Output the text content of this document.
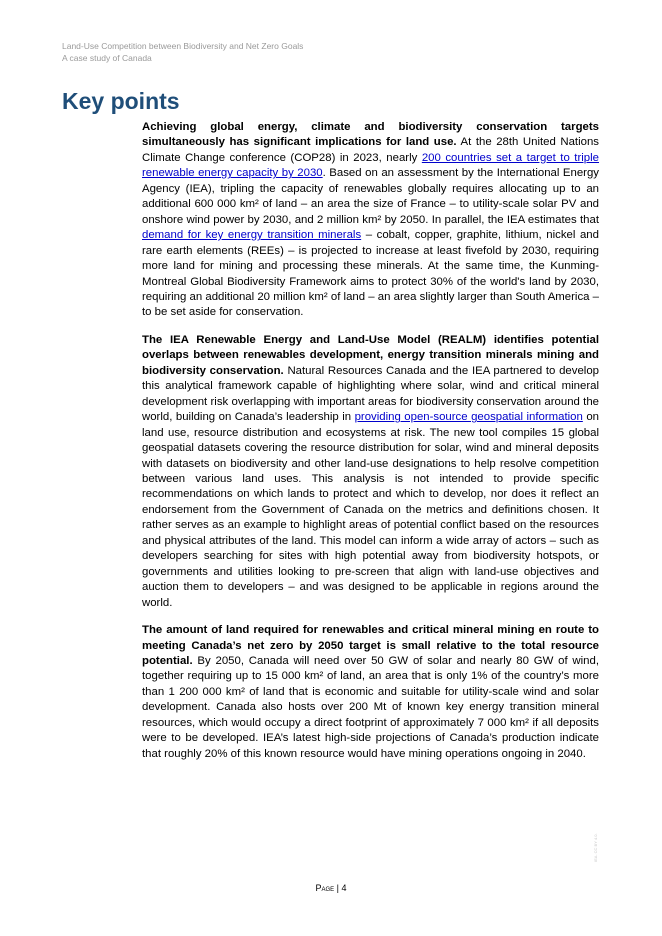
Land-Use Competition between Biodiversity and Net Zero Goals
A case study of Canada
Key points

Achieving global energy, climate and biodiversity conservation targets simultaneously has significant implications for land use. At the 28th United Nations Climate Change conference (COP28) in 2023, nearly 200 countries set a target to triple renewable energy capacity by 2030. Based on an assessment by the International Energy Agency (IEA), tripling the capacity of renewables globally requires allocating up to an additional 600 000 km² of land – an area the size of France – to utility-scale solar PV and onshore wind power by 2030, and 2 million km² by 2050. In parallel, the IEA estimates that demand for key energy transition minerals – cobalt, copper, graphite, lithium, nickel and rare earth elements (REEs) – is projected to increase at least fivefold by 2030, requiring more land for mining and processing these minerals. At the same time, the Kunming-Montreal Global Biodiversity Framework aims to protect 30% of the world's land by 2030, requiring an additional 20 million km² of land – an area slightly larger than South America – to be set aside for conservation.

The IEA Renewable Energy and Land-Use Model (REALM) identifies potential overlaps between renewables development, energy transition minerals mining and biodiversity conservation. Natural Resources Canada and the IEA partnered to develop this analytical framework capable of highlighting where solar, wind and critical mineral development risk overlapping with important areas for biodiversity conservation around the world, building on Canada’s leadership in providing open-source geospatial information on land use, resource distribution and ecosystems at risk. The new tool compiles 15 global geospatial datasets covering the resource distribution for solar, wind and mineral deposits with datasets on biodiversity and other land-use designations to help resolve competition between various land uses. This analysis is not intended to provide specific recommendations on which lands to protect and which to develop, nor does it reflect an endorsement from the Government of Canada on the metrics and definitions chosen. It rather serves as an example to highlight areas of potential conflict based on the resources and physical attributes of the land. This model can inform a wide array of actors – such as developers searching for sites with high potential away from biodiversity hotspots, or governments and utilities looking to pre-screen that align with land-use objectives and auction them to developers – and was designed to be applicable in regions around the world.

The amount of land required for renewables and critical mineral mining en route to meeting Canada’s net zero by 2050 target is small relative to the total resource potential. By 2050, Canada will need over 50 GW of solar and nearly 80 GW of wind, together requiring up to 15 000 km² of land, an area that is only 1% of the country’s more than 1 200 000 km² of land that is economic and suitable for utility-scale wind and solar development. Canada also hosts over 200 Mt of known key energy transition mineral resources, which would occupy a direct footprint of approximately 7 000 km² if all deposits were to be developed. IEA’s latest high-side projections of Canada’s production indicate that roughly 20% of this known resource would have mining operations ongoing in 2040.

Page | 4
IEA. CC BY 4.0.
